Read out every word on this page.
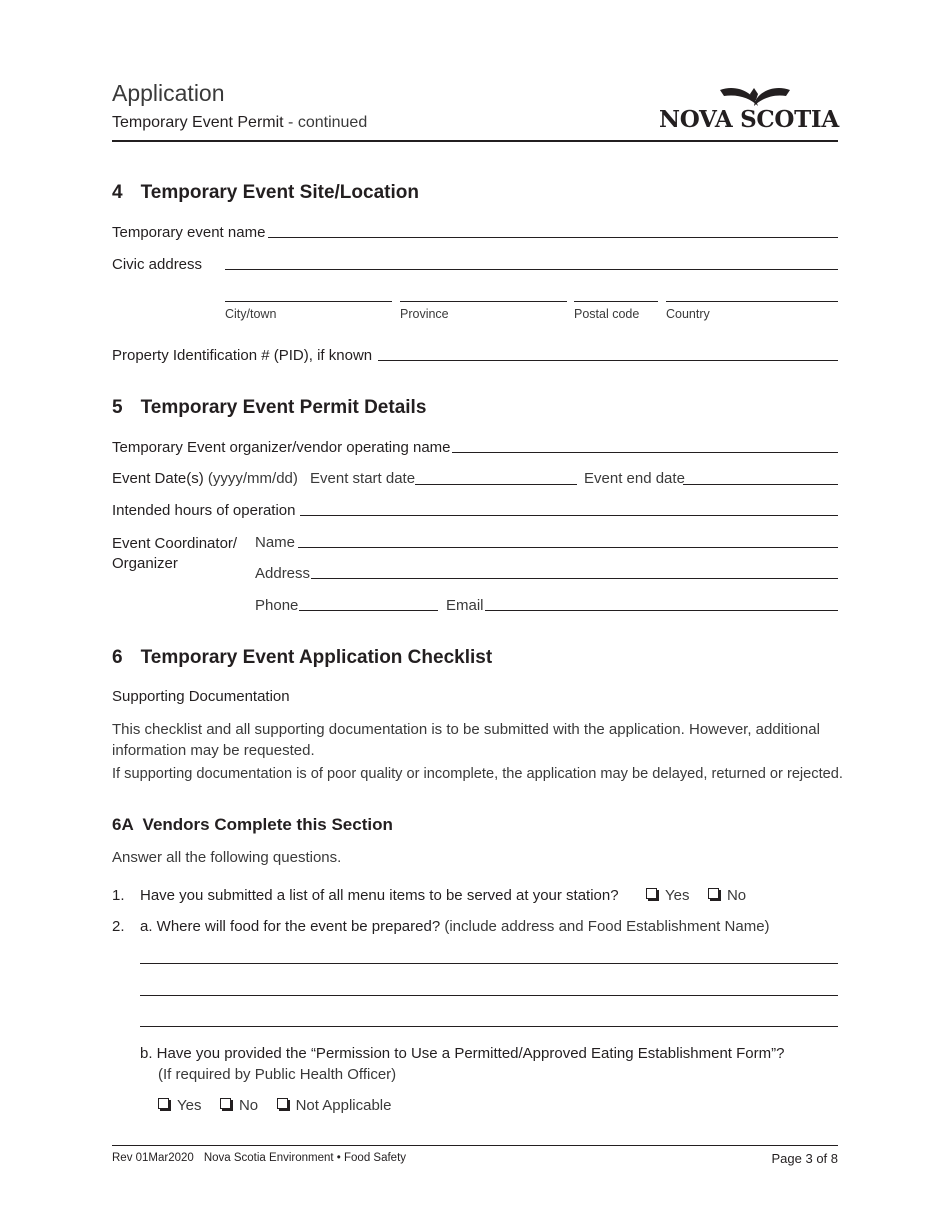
Application
Temporary Event Permit - continued	NOVA SCOTIA
4 Temporary Event Site/Location
Temporary event name
Civic address
City/town	Province	Postal code Country
Property Identification # (PID), if known
5 Temporary Event Permit Details
Temporary Event organizer/vendor operating name
Event Date(s) (yyyy/mm/dd) Event start date	Event end date
Intended hours of operation
Event Coordinator/
Organizer
Name
Address
Phone	Email
6 Temporary Event Application Checklist
Supporting Documentation
This checklist and all supporting documentation is to be submitted with the application. However, additional information may be requested.
If supporting documentation is of poor quality or incomplete, the application may be delayed, returned or rejected.
6A  Vendors Complete this Section
Answer all the following questions.
1. Have you submitted a list of all menu items to be served at your station?	Yes No
2. a. Where will food for the event be prepared? (include address and Food Establishment Name)
b. Have you provided the “Permission to Use a Permitted/Approved Eating Establishment Form”?
(If required by Public Health Officer)
Yes No Not Applicable
Rev 01Mar2020 Nova Scotia Environment • Food Safety	Page 3 of 8
